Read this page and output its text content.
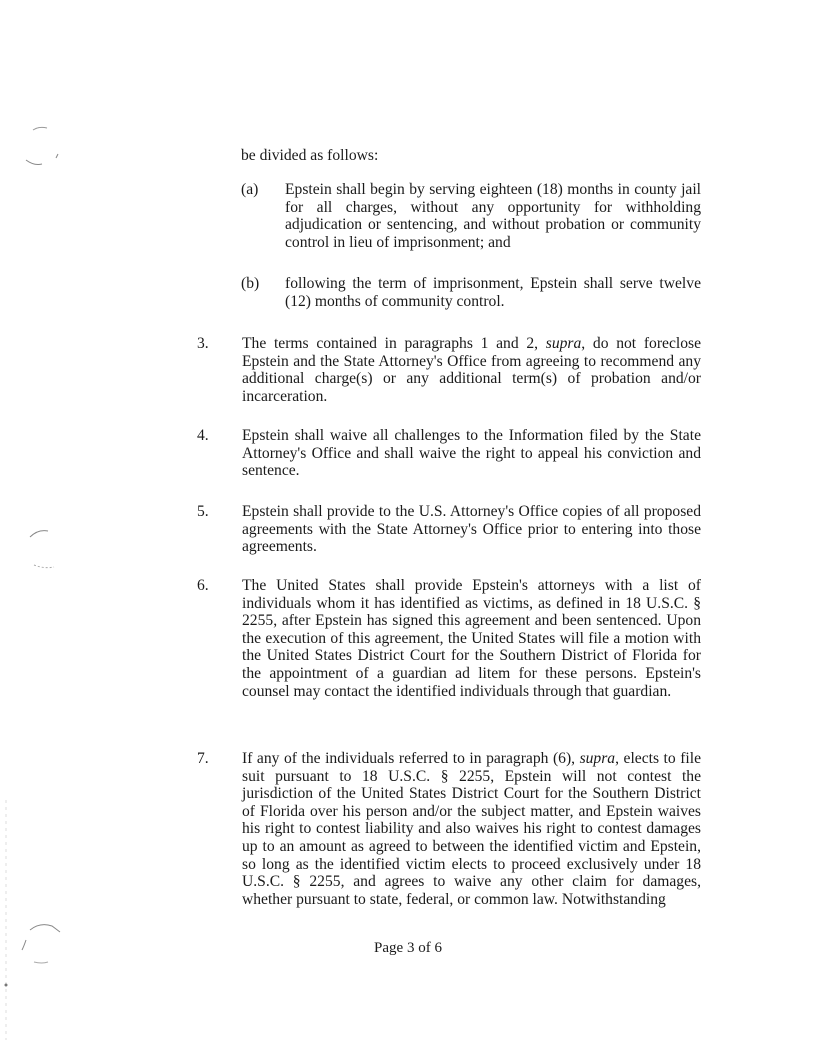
be divided as follows:
(a) Epstein shall begin by serving eighteen (18) months in county jail for all charges, without any opportunity for withholding adjudication or sentencing, and without probation or community control in lieu of imprisonment; and
(b) following the term of imprisonment, Epstein shall serve twelve (12) months of community control.
3. The terms contained in paragraphs 1 and 2, supra, do not foreclose Epstein and the State Attorney's Office from agreeing to recommend any additional charge(s) or any additional term(s) of probation and/or incarceration.
4. Epstein shall waive all challenges to the Information filed by the State Attorney's Office and shall waive the right to appeal his conviction and sentence.
5. Epstein shall provide to the U.S. Attorney's Office copies of all proposed agreements with the State Attorney's Office prior to entering into those agreements.
6. The United States shall provide Epstein's attorneys with a list of individuals whom it has identified as victims, as defined in 18 U.S.C. § 2255, after Epstein has signed this agreement and been sentenced. Upon the execution of this agreement, the United States will file a motion with the United States District Court for the Southern District of Florida for the appointment of a guardian ad litem for these persons. Epstein's counsel may contact the identified individuals through that guardian.
7. If any of the individuals referred to in paragraph (6), supra, elects to file suit pursuant to 18 U.S.C. § 2255, Epstein will not contest the jurisdiction of the United States District Court for the Southern District of Florida over his person and/or the subject matter, and Epstein waives his right to contest liability and also waives his right to contest damages up to an amount as agreed to between the identified victim and Epstein, so long as the identified victim elects to proceed exclusively under 18 U.S.C. § 2255, and agrees to waive any other claim for damages, whether pursuant to state, federal, or common law. Notwithstanding
Page 3 of 6
